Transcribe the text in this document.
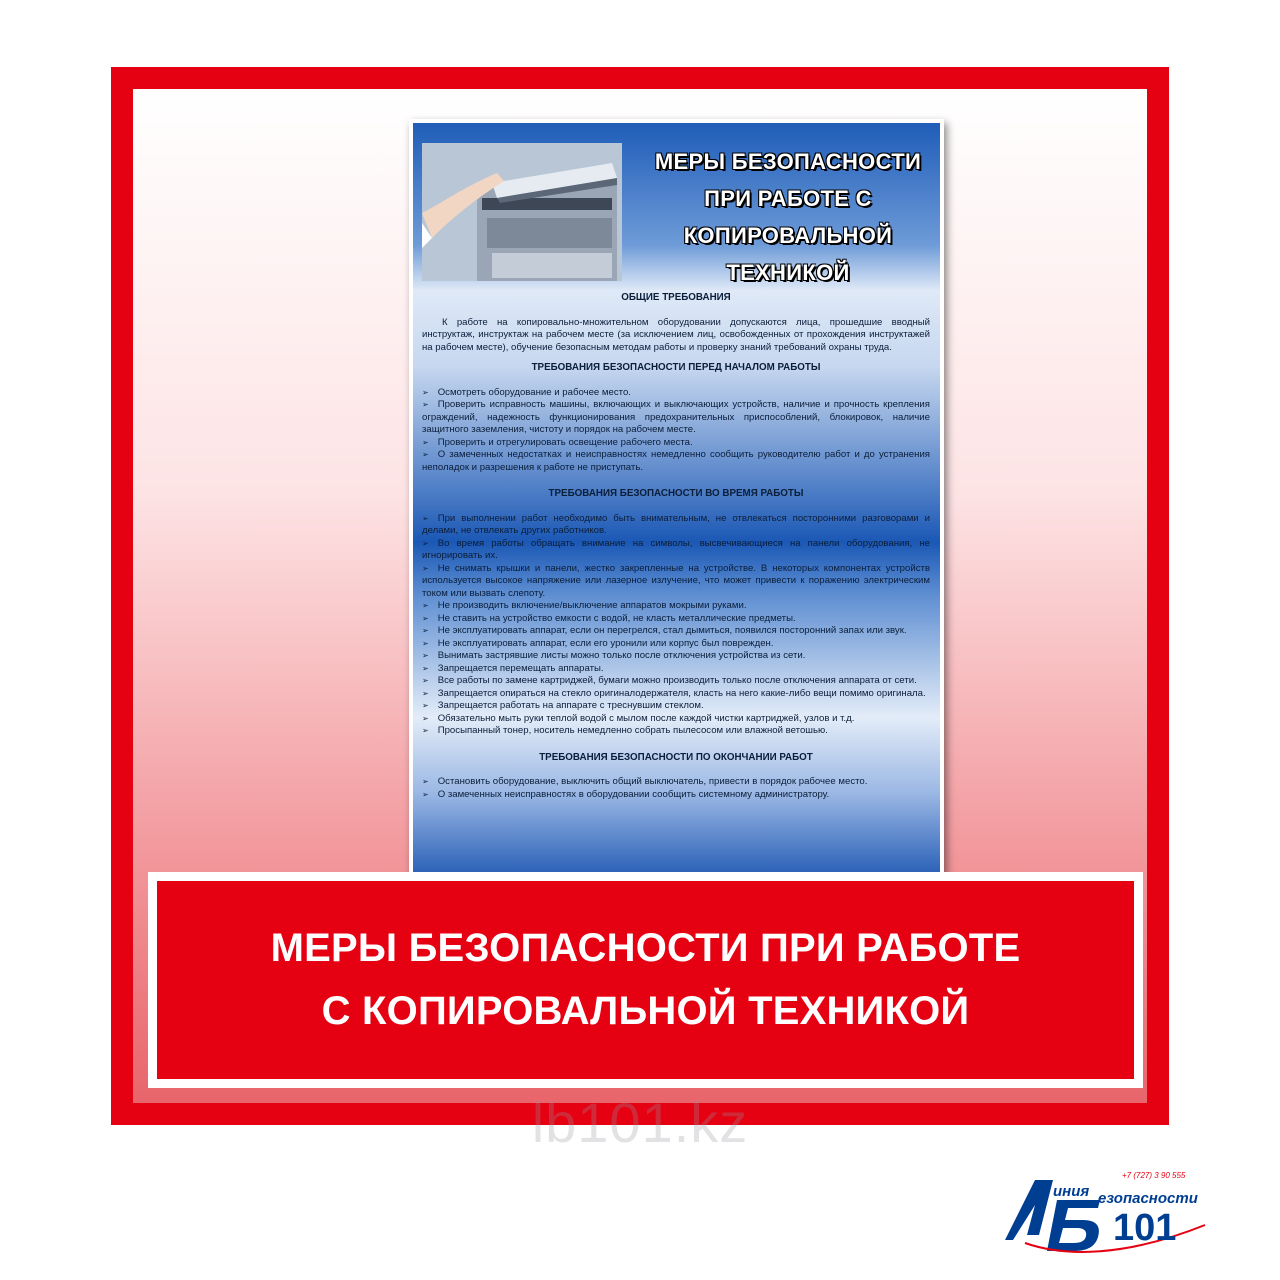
МЕРЫ БЕЗОПАСНОСТИ
ПРИ РАБОТЕ С
КОПИРОВАЛЬНОЙ
ТЕХНИКОЙ
ОБЩИЕ ТРЕБОВАНИЯ

К работе на копировально-множительном оборудовании допускаются лица, прошедшие вводный инструктаж, инструктаж на рабочем месте (за исключением лиц, освобожденных от прохождения инструктажей на рабочем месте), обучение безопасным методам работы и проверку знаний требований охраны труда.

ТРЕБОВАНИЯ БЕЗОПАСНОСТИ ПЕРЕД НАЧАЛОМ РАБОТЫ
➢ Осмотреть оборудование и рабочее место.
➢ Проверить исправность машины, включающих и выключающих устройств, наличие и прочность крепления ограждений, надежность функционирования предохранительных приспособлений, блокировок, наличие защитного заземления, чистоту и порядок на рабочем месте.
➢ Проверить и отрегулировать освещение рабочего места.
➢ О замеченных недостатках и неисправностях немедленно сообщить руководителю работ и до устранения неполадок и разрешения к работе не приступать.
ТРЕБОВАНИЯ БЕЗОПАСНОСТИ ВО ВРЕМЯ РАБОТЫ
➢ При выполнении работ необходимо быть внимательным, не отвлекаться посторонними разговорами и делами, не отвлекать других работников.
➢ Во время работы обращать внимание на символы, высвечивающиеся на панели оборудования, не игнорировать их.
➢ Не снимать крышки и панели, жестко закрепленные на устройстве. В некоторых компонентах устройств используется высокое напряжение или лазерное излучение, что может привести к поражению электрическим током или вызвать слепоту.
➢ Не производить включение/выключение аппаратов мокрыми руками.
➢ Не ставить на устройство емкости с водой, не класть металлические предметы.
➢ Не эксплуатировать аппарат, если он перегрелся, стал дымиться, появился посторонний запах или звук.
➢ Не эксплуатировать аппарат, если его уронили или корпус был поврежден.
➢ Вынимать застрявшие листы можно только после отключения устройства из сети.
➢ Запрещается перемещать аппараты.
➢ Все работы по замене картриджей, бумаги можно производить только после отключения аппарата от сети.
➢ Запрещается опираться на стекло оригиналодержателя, класть на него какие-либо вещи помимо оригинала.
➢ Запрещается работать на аппарате с треснувшим стеклом.
➢ Обязательно мыть руки теплой водой с мылом после каждой чистки картриджей, узлов и т.д.
➢ Просыпанный тонер, носитель немедленно собрать пылесосом или влажной ветошью.
ТРЕБОВАНИЯ БЕЗОПАСНОСТИ ПО ОКОНЧАНИИ РАБОТ
➢ Остановить оборудование, выключить общий выключатель, привести в порядок рабочее место.
➢ О замеченных неисправностях в оборудовании сообщить системному администратору.
МЕРЫ БЕЗОПАСНОСТИ ПРИ РАБОТЕ
С КОПИРОВАЛЬНОЙ ТЕХНИКОЙ
lb101.kz
+7 (727) 3 90 555
иния езопасности
101
